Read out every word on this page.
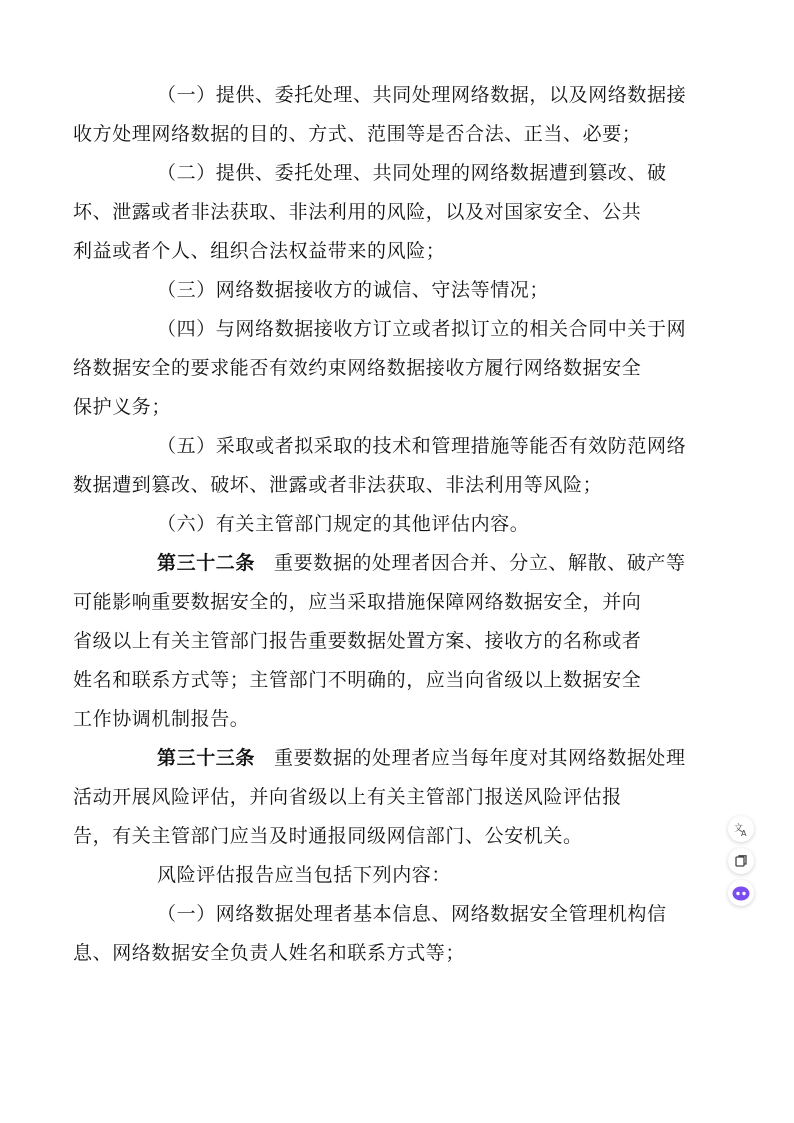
（一）提供、委托处理、共同处理网络数据，以及网络数据接
收方处理网络数据的目的、方式、范围等是否合法、正当、必要；

（二）提供、委托处理、共同处理的网络数据遭到篡改、破
坏、泄露或者非法获取、非法利用的风险，以及对国家安全、公共
利益或者个人、组织合法权益带来的风险；

（三）网络数据接收方的诚信、守法等情况；

（四）与网络数据接收方订立或者拟订立的相关合同中关于网
络数据安全的要求能否有效约束网络数据接收方履行网络数据安全
保护义务；

（五）采取或者拟采取的技术和管理措施等能否有效防范网络
数据遭到篡改、破坏、泄露或者非法获取、非法利用等风险；

（六）有关主管部门规定的其他评估内容。

第三十二条 重要数据的处理者因合并、分立、解散、破产等
可能影响重要数据安全的，应当采取措施保障网络数据安全，并向
省级以上有关主管部门报告重要数据处置方案、接收方的名称或者
姓名和联系方式等；主管部门不明确的，应当向省级以上数据安全
工作协调机制报告。

第三十三条 重要数据的处理者应当每年度对其网络数据处理
活动开展风险评估，并向省级以上有关主管部门报送风险评估报
告，有关主管部门应当及时通报同级网信部门、公安机关。

风险评估报告应当包括下列内容：

（一）网络数据处理者基本信息、网络数据安全管理机构信
息、网络数据安全负责人姓名和联系方式等；

文
A
